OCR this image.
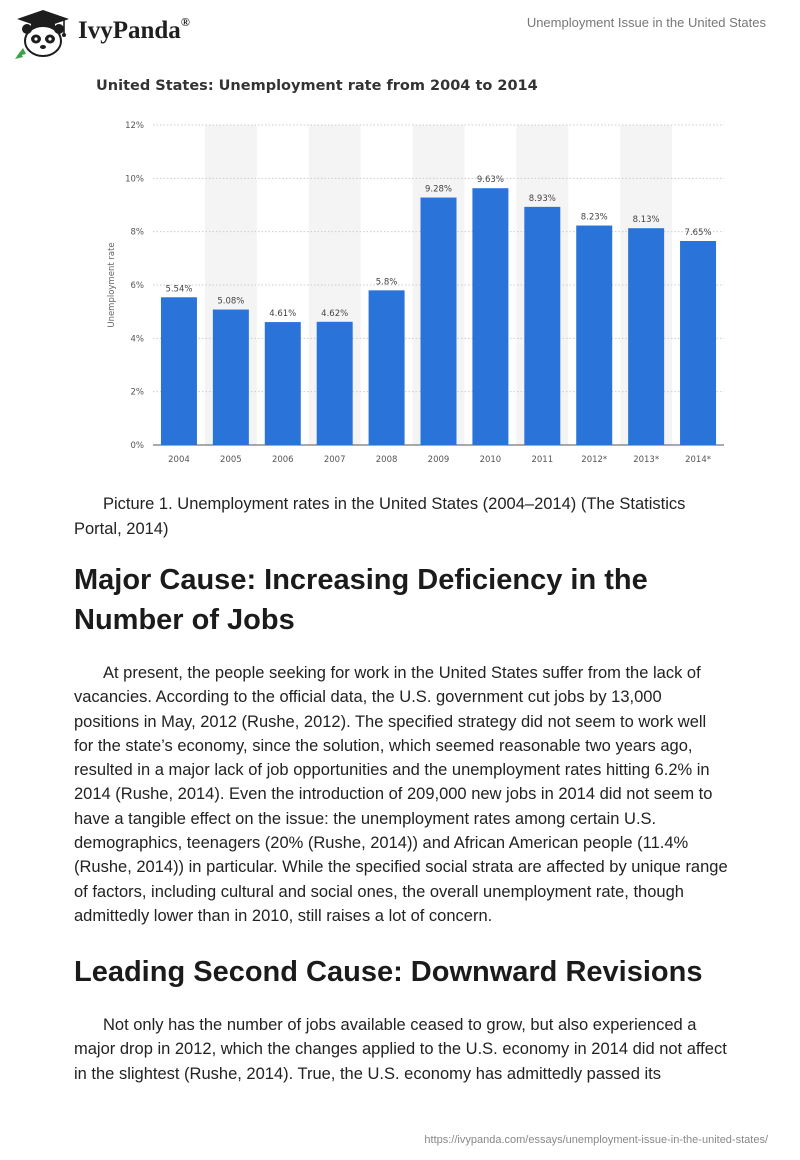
IvyPanda®	Unemployment Issue in the United States
United States: Unemployment rate from 2004 to 2014
0%
2%
4%
6%
8%
10%
12%
Unemployment rate	5.54%
2004
5.08%
2005
4.61%
2006
4.62%
2007
5.8%
2008
9.28%
2009
9.63%
2010
8.93%
2011
8.23%
2012*
8.13%
2013*
7.65%
2014*

Picture 1. Unemployment rates in the United States (2004–2014) (The Statistics Portal, 2014)

Major Cause: Increasing Deficiency in the Number of Jobs

At present, the people seeking for work in the United States suffer from the lack of vacancies. According to the official data, the U.S. government cut jobs by 13,000 positions in May, 2012 (Rushe, 2012). The specified strategy did not seem to work well for the state’s economy, since the solution, which seemed reasonable two years ago, resulted in a major lack of job opportunities and the unemployment rates hitting 6.2% in 2014 (Rushe, 2014). Even the introduction of 209,000 new jobs in 2014 did not seem to have a tangible effect on the issue: the unemployment rates among certain U.S. demographics, teenagers (20% (Rushe, 2014)) and African American people (11.4% (Rushe, 2014)) in particular. While the specified social strata are affected by unique range of factors, including cultural and social ones, the overall unemployment rate, though admittedly lower than in 2010, still raises a lot of concern.

Leading Second Cause: Downward Revisions

Not only has the number of jobs available ceased to grow, but also experienced a major drop in 2012, which the changes applied to the U.S. economy in 2014 did not affect in the slightest (Rushe, 2014). True, the U.S. economy has admittedly passed its

https://ivypanda.com/essays/unemployment-issue-in-the-united-states/
